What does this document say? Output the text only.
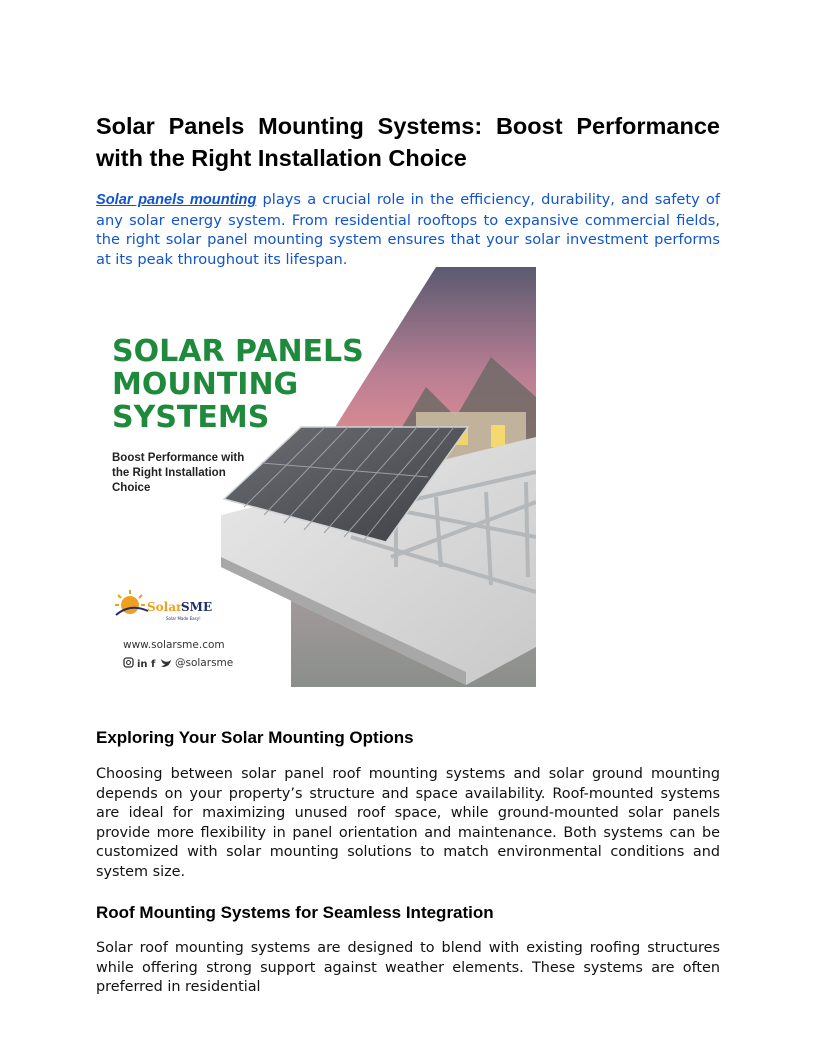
Solar Panels Mounting Systems: Boost Performance with the Right Installation Choice

Solar panels mounting plays a crucial role in the efficiency, durability, and safety of any solar energy system. From residential rooftops to expansive commercial fields, the right solar panel mounting system ensures that your solar investment performs at its peak throughout its lifespan.

SOLAR PANELS
MOUNTING
SYSTEMS
Boost Performance with
the Right Installation
Choice
Solar
SME
Solar Made Easy!
www.solarsme.com
in f @solarsme
Exploring Your Solar Mounting Options

Choosing between solar panel roof mounting systems and solar ground mounting depends on your property’s structure and space availability. Roof-mounted systems are ideal for maximizing unused roof space, while ground-mounted solar panels provide more flexibility in panel orientation and maintenance. Both systems can be customized with solar mounting solutions to match environmental conditions and system size.

Roof Mounting Systems for Seamless Integration

Solar roof mounting systems are designed to blend with existing roofing structures while offering strong support against weather elements. These systems are often preferred in residential
